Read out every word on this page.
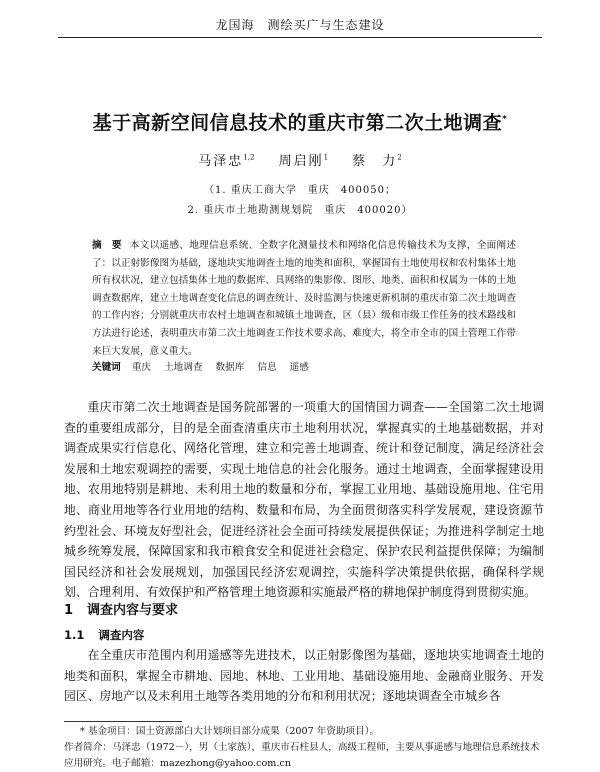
龙国海　测绘买广与生态建设
基于高新空间信息技术的重庆市第二次土地调查*
马泽忠$^{1,2}$ 周启刚$^1$ 蔡　力$^2$
（1. 重庆工商大学　重庆　400050；
2. 重庆市土地勘测规划院　重庆　400020）
摘　要 本文以遥感、地理信息系统、全数字化测量技术和网络化信息传输技术为支撑，全面阐述了：以正射影像图为基础，逐地块实地调查土地的地类和面积，掌握国有土地使用权和农村集体土地所有权状况，建立包括集体土地的数据库、具网络的集影像、图形、地类、面积和权属为一体的土地调查数据库，建立土地调查变化信息的调查统计、及时监测与快速更新机制的重庆市第二次土地调查的工作内容；分别就重庆市农村土地调查和城镇土地调查，区（县）级和市级工作任务的技术路线和方法进行论述，表明重庆市第二次土地调查工作技术要求高、难度大，将全市全市的国土管理工作带来巨大发展，意义重大。
关键词 重庆 土地调查 数据库 信息 遥感
重庆市第二次土地调查是国务院部署的一项重大的国情国力调查——全国第二次土地调查的重要组成部分，目的是全面查清重庆市土地利用状况，掌握真实的土地基础数据，并对调查成果实行信息化、网络化管理，建立和完善土地调查、统计和登记制度，满足经济社会发展和土地宏观调控的需要，实现土地信息的社会化服务。通过土地调查，全面掌握建设用地、农用地特别是耕地、未利用土地的数量和分布，掌握工业用地、基础设施用地、住宅用地、商业用地等各行业用地的结构、数量和布局，为全面贯彻落实科学发展观，建设资源节约型社会、环境友好型社会，促进经济社会全面可持续发展提供保证；为推进科学制定土地城乡统筹发展，保障国家和我市粮食安全和促进社会稳定、保护农民利益提供保障；为编制国民经济和社会发展规划，加强国民经济宏观调控，实施科学决策提供依据，确保科学规划、合理利用、有效保护和严格管理土地资源和实施最严格的耕地保护制度得到贯彻实施。
1 调查内容与要求
1.1 调查内容
在全重庆市范围内利用遥感等先进技术，以正射影像图为基础，逐地块实地调查土地的地类和面积，掌握全市耕地、园地、林地、工业用地、基础设施用地、金融商业服务、开发园区、房地产以及未利用土地等各类用地的分布和利用状况；逐地块调查全市城乡各
* 基金项目：国土资源部白大计划项目部分成果（2007 年资助项目）。
作者简介：马泽忠（1972－），男（土家族），重庆市石柱县人，高级工程师，主要从事遥感与地理信息系统技术应用研究。电子邮箱：mazezhong@yahoo.com.cn
